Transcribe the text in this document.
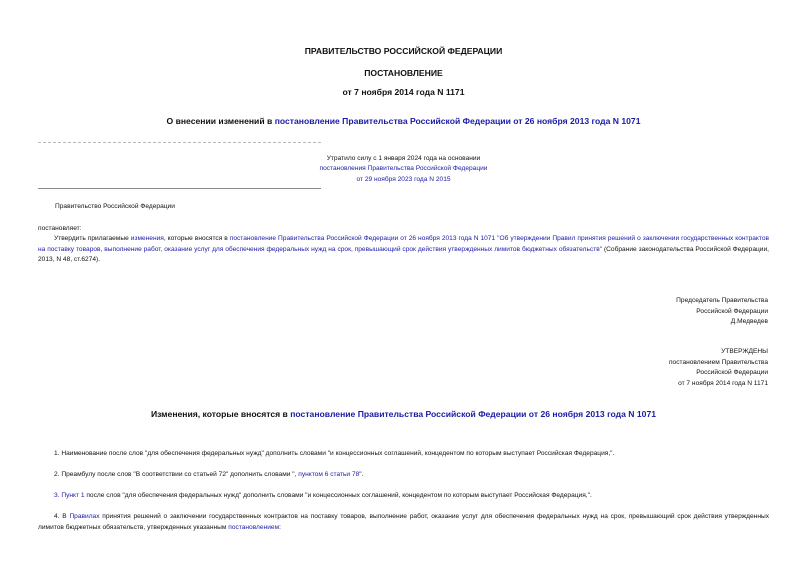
ПРАВИТЕЛЬСТВО РОССИЙСКОЙ ФЕДЕРАЦИИ
ПОСТАНОВЛЕНИЕ
от 7 ноября 2014 года N 1171
О внесении изменений в постановление Правительства Российской Федерации от 26 ноября 2013 года N 1071
Утратило силу с 1 января 2024 года на основании
постановления Правительства Российской Федерации
от 29 ноября 2023 года N 2015
Правительство Российской Федерации
постановляет:
Утвердить прилагаемые изменения, которые вносятся в постановление Правительства Российской Федерации от 26 ноября 2013 года N 1071 "Об утверждении Правил принятия решений о заключении государственных контрактов на поставку товаров, выполнение работ, оказание услуг для обеспечения федеральных нужд на срок, превышающий срок действия утвержденных лимитов бюджетных обязательств" (Собрание законодательства Российской Федерации, 2013, N 48, ст.6274).
Председатель Правительства
Российской Федерации
Д.Медведев
УТВЕРЖДЕНЫ
постановлением Правительства
Российской Федерации
от 7 ноября 2014 года N 1171
Изменения, которые вносятся в постановление Правительства Российской Федерации от 26 ноября 2013 года N 1071
1. Наименование после слов "для обеспечения федеральных нужд" дополнить словами "и концессионных соглашений, концедентом по которым выступает Российская Федерация,".
2. Преамбулу после слов "В соответствии со статьей 72" дополнить словами ", пунктом 6 статьи 78".
3. Пункт 1 после слов "для обеспечения федеральных нужд" дополнить словами "и концессионных соглашений, концедентом по которым выступает Российская Федерация,".
4. В Правилах принятия решений о заключении государственных контрактов на поставку товаров, выполнение работ, оказание услуг для обеспечения федеральных нужд на срок, превышающий срок действия утвержденных лимитов бюджетных обязательств, утвержденных указанным постановлением:
